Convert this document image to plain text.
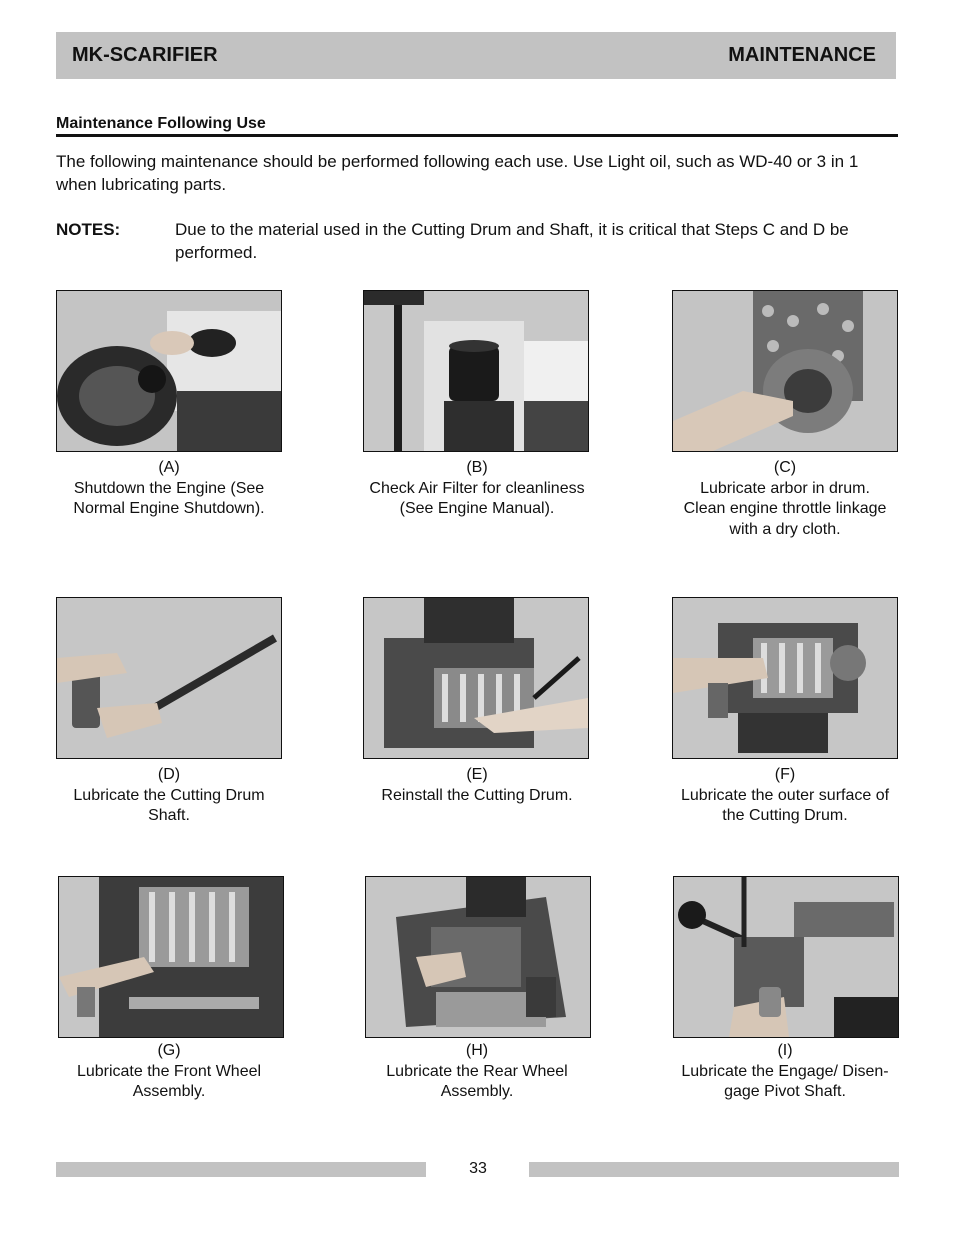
MK-SCARIFIER	MAINTENANCE
Maintenance Following Use
The following maintenance should be performed following each use. Use Light oil, such as WD-40 or 3 in 1 when lubricating parts.
NOTES:	Due to the material used in the Cutting Drum and Shaft, it is critical that Steps C and D be performed.
(A)
Shutdown the Engine (See
Normal Engine Shutdown).
(B)
Check Air Filter for cleanliness
(See Engine Manual).
(C)
Lubricate arbor in drum.
Clean engine throttle linkage
with a dry cloth.
(D)
Lubricate the Cutting Drum
Shaft.
(E)
Reinstall the Cutting Drum.
(F)
Lubricate the outer surface of
the Cutting Drum.
(G)
Lubricate the Front Wheel
Assembly.
(H)
Lubricate the Rear Wheel
Assembly.
(I)
Lubricate the Engage/ Disen-
gage Pivot Shaft.
33
